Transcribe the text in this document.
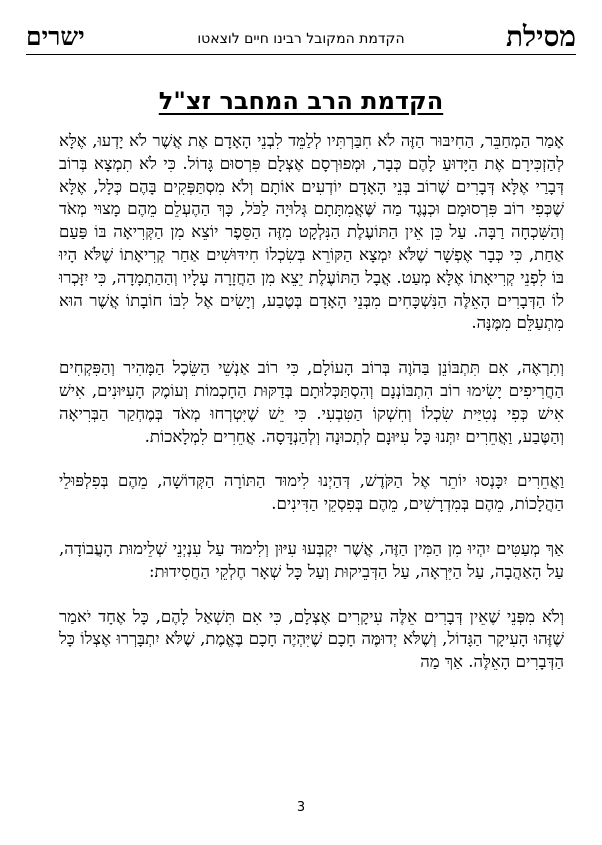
ישרים	הקדמת המקובל רבינו חיים לוצאטו	מסילת
הקדמת הרב המחבר זצ"ל

אָמַר הַמְחַבֵּר, הַחִיבּוּר הַזֶּה לֹא חִבַּרְתִּיו לְלַמֵּד לִבְנֵי הָאָדָם אֶת אֲשֶׁר לֹא יָדְעוּ, אֶלָּא לְהַזְכִּירָם אֶת הַיָּדוּעַ לָהֶם כְּבָר, וּמְפוּרְסָם אֶצְלָם פִּרְסוּם גָּדוֹל. כִּי לֹא תִמְצָא בְּרוֹב דְּבָרַי אֶלָּא דְּבָרִים שֶׁרוֹב בְּנֵי הָאָדָם יוֹדְעִים אוֹתָם וְלֹא מִסְתַּפְּקִים בָּהֶם כְּלָל, אֶלָּא שֶׁכְּפִי רוֹב פִּרְסוּמָם וּכְנֶגֶד מַה שֶּׁאֲמִתָּתָם גְּלוּיָה לַכֹּל, כָּךְ הַהֶעְלֵם מֵהֶם מָצוּי מְאֹד וְהַשִּׁכְחָה רַבָּה. עַל כֵּן אֵין הַתּוֹעֶלֶת הַנִּלְקָט מִזֶּה הַסֵּפֶר יוֹצֵא מִן הַקְּרִיאָה בּוֹ פַּעַם אַחַת, כִּי כְּבָר אֶפְשָׁר שֶׁלֹּא יִמְצָא הַקּוֹרֵא בְּשִׂכְלוֹ חִידּוּשִׁים אַחַר קְרִיאָתוֹ שֶׁלֹּא הָיוּ בּוֹ לִפְנֵי קְרִיאָתוֹ אֶלָּא מְעַט. אֲבָל הַתּוֹעֶלֶת יֵצֵא מִן הַחֲזָרָה עָלָיו וְהַהַתְמָדָה, כִּי יִזָּכְרוּ לוֹ הַדְּבָרִים הָאֵלֶּה הַנִּשְׁכָּחִים מִבְּנֵי הָאָדָם בְּטֶבַע, וְיָשִׂים אֶל לִבּוֹ חוֹבָתוֹ אֲשֶׁר הוּא מִתְעַלֵּם מִמֶּנָּה.

וְתִרְאֶה, אִם תִּתְבּוֹנֵן בַּהֹוֶה בְּרוֹב הָעוֹלָם, כִּי רוֹב אַנְשֵׁי הַשֵּׂכֶל הַמָּהִיר וְהַפִּקְחִים הַחֲרִיפִים יָשִׂימוּ רוֹב הִתְבּוֹנְנָם וְהִסְתַּכְּלוּתָם בְּדַקּוּת הַחָכְמוֹת וְעוֹמֶק הָעִיּוּנִים, אִישׁ אִישׁ כְּפִי נְטִיַּית שִׂכְלוֹ וְחִשְׁקוֹ הַטִּבְעִי. כִּי יֵשׁ שֶׁיִּטְרְחוּ מְאֹד בְּמֶחְקַר הַבְּרִיאָה וְהַטֶּבַע, וַאֲחֵרִים יִתְּנוּ כָּל עִיּוּנָם לְתְכוּנָה וְלְהַנְדָּסָה. אֲחֵרִים לִמְלָאכוֹת.

וַאֲחֵרִים יִכָּנְסוּ יוֹתֵר אֶל הַקֹּדֶשׁ, דְּהַיְנוּ לִימוּד הַתּוֹרָה הַקְּדוֹשָׁה, מֵהֶם בְּפִלְפּוּלֵי הַהֲלָכוֹת, מֵהֶם בְּמִדְרָשִׁים, מֵהֶם בְּפִסְקֵי הַדִּינִים.

אַךְ מְעַטִּים יִהְיוּ מִן הַמִּין הַזֶּה, אֲשֶׁר יִקְבְּעוּ עִיּוּן וְלִימוּד עַל עִנְיְנֵי שְׁלֵימוּת הָעֲבוֹדָה, עַל הָאַהֲבָה, עַל הַיִּרְאָה, עַל הַדְּבֵיקוּת וְעַל כָּל שְׁאָר חֶלְקֵי הַחֲסִידוּת:

וְלֹא מִפְּנֵי שֶׁאֵין דְּבָרִים אֵלֶּה עִיקָרִים אֶצְלָם, כִּי אִם תִּשְׁאַל לָהֶם, כָּל אֶחָד יֹאמַר שֶׁזֶּהוּ הָעִיקָר הַגָּדוֹל, וְשֶׁלֹּא יְדוּמֶּה חָכָם שֶׁיִּהְיֶה חָכָם בֶּאֱמֶת, שֶׁלֹּא יִתְבָּרְרוּ אֶצְלוֹ כָּל הַדְּבָרִים הָאֵלֶּה. אַךְ מַה

3
